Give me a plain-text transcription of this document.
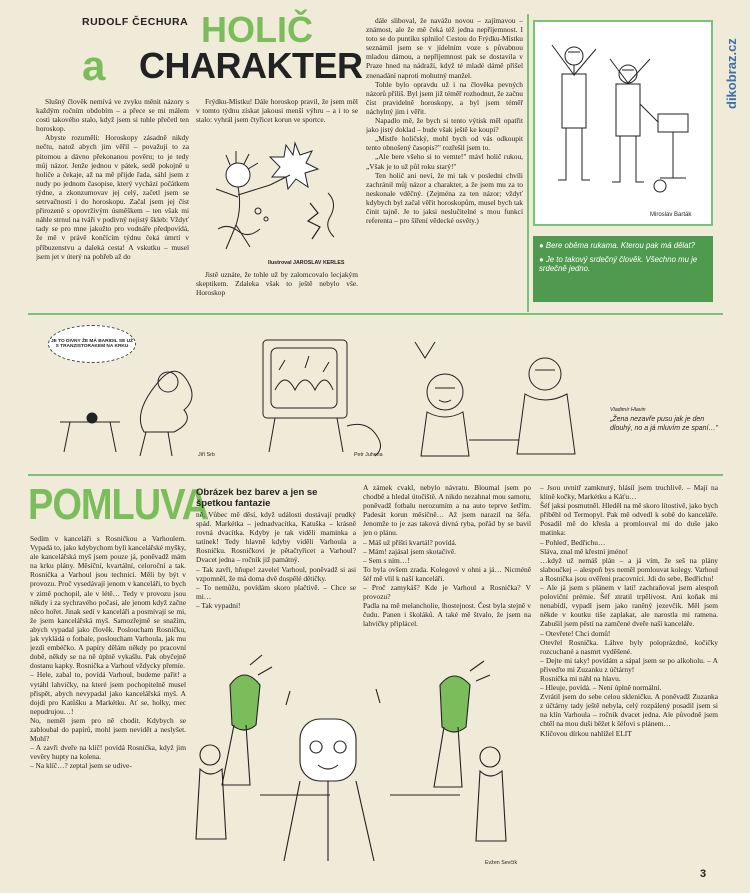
dikobraz.cz
RUDOLF ČECHURA HOLIČ
a CHARAKTER

Slušný člověk nemívá ve zvyku měnit názory s každým ročním obdobím – a přece se mi málem costi takového stalo, když jsem si tuhle přečetl ten horoskop.

Abyste rozuměli: Horoskopy zásadně nikdy nečtu, natož abych jim věřil – považuji to za pitomou a dávno překonanou pověru; to je tedy můj názor. Jenže jednou v pátek, sedě pokojně u holiče a čekaje, až na mě přijde řada, sáhl jsem z nudy po jednom časopise, který vychází počátkem týdne, a zkonzumovav jej celý, začetl jsem se setrvačností i do horoskopu. Začal jsem jej číst přirozeně s opovrživým úsměškem – ten však mi náhle strnul na tváři v podivný nejistý škleb: Vždyť tady se pro mne jakožto pro vodnáře předpovídá, že mě v právě končícím týdnu čeká úmrtí v příbuzenstvu a daleká cesta! A vskutku – musel jsem jet v úterý na pohřeb až do

Frýdku-Místku! Dále horoskop pravil, že jsem měl v tomto týdnu získat jakousi menší výhru – a i to se stalo: vyhrál jsem čtyřicet korun ve sportce.

Ilustroval JAROSLAV KERLES

Jistě uznáte, že tohle už by zalomcovalo lecjakým skeptikem. Zdaleka však to ještě nebylo vše. Horoskop

dále sliboval, že navážu novou – zajímavou – známost, ale že mě čeká též jedna nepříjemnost. I toto se do puntíku splnilo! Cestou do Frýdku-Místku seznámil jsem se v jídelním voze s půvabnou mladou dámou, a nepříjemnost pak se dostavila v Praze hned na nádraží, když té mladé dámě přišel znenadání naproti mohutný manžel.

Tohle bylo opravdu už i na člověka pevných názorů příliš. Byl jsem již téměř rozhodnut, že začnu číst pravidelně horoskopy, a byl jsem téměř náchylný jim i věřit.

Napadlo mě, že bych si tento výtisk měl opatřit jako jistý doklad – bude však ještě ke koupi?

„Mistře holičský, mohl bych od vás odkoupit tento obnošený časopis?" rozřešil jsem to.

„Ale bere všeho si to vemte!" mávl holič rukou, „Však je to už půl roku starý!"

Ten holič ani neví, že mi tak v posledni chvíli zachránil můj názor a charakter, a že jsem mu za to neskonale vděčný. (Zejména za ten názor; vždyť kdybych byl začal věřit horoskopům, musel bych tak činit tajně. Je to jaksi neslučitelné s mou funkcí referenta – pro šíření vědecké osvěty.)

Miroslav Barták
● Bere oběma rukama. Kterou pak má dělat?
● Je to takový srdečný člověk. Všechno mu je srdečně jedno.
JE TO DIVNY ŽE MÁ BARIDIL SE UŽ S TRANZISTORAKEM NA KRKU
Jiří Srb	Petr Juhena
Vladimír Hlavin
„Žena nezavře pusu jak je den dlouhý, no a já mluvím ze spaní…"
POMLUVA
Obrázek bez barev a jen se špetkou fantazie
Sedím v kanceláři s Rosničkou a Varhoulem. Vypadá to, jako kdybychom byli kancelářské myšky, ale kancelářská myš jsem pouze já, poněvadž mám na krku plány. Měsíční, kvartální, celoroční a tak. Rosnička a Varhoul jsou technici. Měli by být v provozu. Proč vysedávají jenom v kanceláři, to bych v zimě pochopil, ale v létě… Tedy v provozu jsou někdy i za sychravého počasí, ale jenom když začne něco hořet. Jinak sedí v kanceláři a posmívají se mi, že jsem kancelářská myš. Samozřejmě se snažím, abych vypadal jako člověk. Posloucham Rosničku, jak vykládá o fotbale, posloucham Varhoula, jak mu jezdí embéčko. A papíry dělám někdy po pracovní době, někdy se na ně úplně vykašlu. Pak obyčejně dostanu kapky. Rosnička a Varhoul vždycky přemíe.
– Hele, zabal to, povídá Varhoul, budeme pařit! a vytáhl lahvičky, na které jsem pochopitelně musel přispět, abych nevypadal jako kancelářská myš. A dojdi pro Katůšku a Markétku. Ať se, holky, mec nepudrujou…!
No, neměl jsem pro ně chodit. Kdybych se zabloubal do papírů, mohl jsem nevidět a neslyšet. Mohl?
– A zavři dveře na klíč! povídá Rosnička, když jim vevěry hupty na kolena.
– Na klíč…? zeptal jsem se udive-
ně. Vůbec mě děsí, když události dostávají prudký spád. Markétka – jednadvacítka, Katuška – krásně rovná dvacítka. Kdyby je tak viděli maminka a tatínek! Tedy hlavně kdyby viděli Varhoula a Rosničku. Rosničkovi je pětačtyřicet a Varhoul? Dvacet jedna – ročník již památný.
– Tak zavři, hňupe! zavelel Varhoul, poněvadž si asi vzpomněl, že má doma dvě dospělé dětičky.
– To nemůžu, povídám skoro plačtivě. – Chce se mi…
– Tak vypadni!
A zámek cvakl, nebylo návratu. Bloumal jsem po chodbě a hledal útočiště. A nikdo nezahnal mou samotu, poněvadž fotbalu nerozumím a na auto teprve šetřím. Padesát korun měsíčně… Až jsem narazil na šéfa. Jenomže to je zas taková divná ryba, pořád by se bavil jen o plánu.
– Máš už příští kvartál? povídá.
– Mám! zajásal jsem skotačivě.
– Sem s ním…!
To byla ovšem zrada. Kolegové v ohni a já… Nicméně šéf mě vlil k naší kanceláři.
– Proč zamykáš? Kde je Varhoul a Rosnička? V provozu?
Padla na mě melancholie, lhostejnost. Čest byla stejně v čudu. Panen i školáků. A také mě štvalo, že jsem na lahvičky připlácel.
– Jsou uvnitř zamknutý, hlásil jsem truchlivě. – Mají na klíně kočky, Markétku a Káťu…
Šéf jaksi posmutněl. Hleděl na mě skoro lítostivě, jako bych přiběhl od Termopyl. Pak mě odvedl k sobě do kanceláře. Posadil mě do křesla a promlouval mi do duše jako matinka:
– Pohleď, Bedřichu…
Sláva, znal mě křestní jméno!
…když už nemáš plán – a já vím, že seš na plány slaboučkej – alespoň bys neměl pomlouvat kolegy. Varhoul a Rosnička jsou ověřeni pracovníci. Jdi do sebe, Bedřichu!
– Ale já jsem s plánem v latí! zachraňoval jsem alespoň poloviční prémie. Šéf ztratil trpělivost. Ani koňak mi nenabídl, vypadl jsem jako raněný jezevčík. Měl jsem někde v koutku tiše zaplakat, ale narostla mi ramena. Zabušil jsem pěstí na zamčené dveře naší kanceláře.
– Otevřete! Chci domů!
Otevřel Rosnička. Láhve byly poloprázdné, kočičky rozcuchané a nasmrt vyděšené.
– Dejte mi taky! povídám a sápal jsem se po alkoholu. – A přiveďte mi Zuzanku z účtárny!
Rosnička mi náhl na hlavu.
– Hleuje, povídá. – Není úplně normální.
Zvrátil jsem do sebe celou skleničku. A poněvadž Zuzanka z účtárny tady ještě nebyla, celý rozpálený posadil jsem si na klín Varhoula – ročník dvacet jedna. Ale původně jsem chtěl na mou duši běžet k šéfovi s plánem…
Klíčovou dírkou nahlížel ELIT
Evžen Sevčík
3
